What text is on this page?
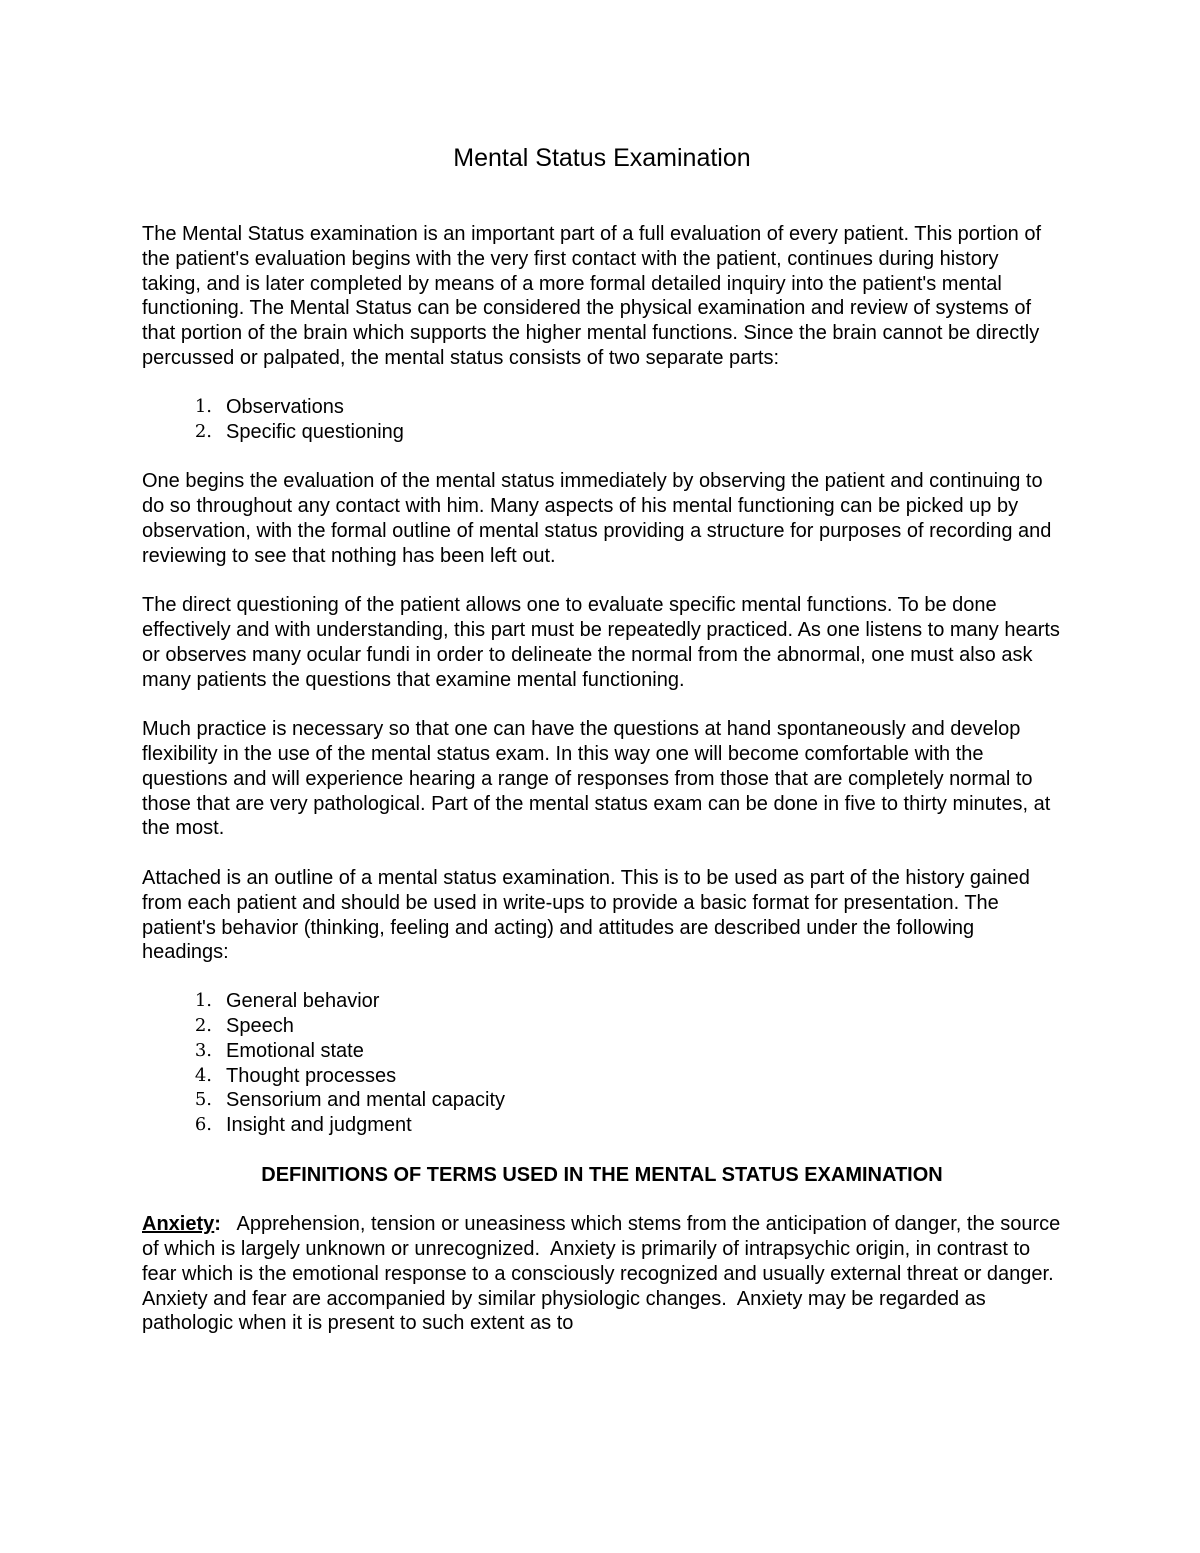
Mental Status Examination

The Mental Status examination is an important part of a full evaluation of every patient. This portion of the patient's evaluation begins with the very first contact with the patient, continues during history taking, and is later completed by means of a more formal detailed inquiry into the patient's mental functioning. The Mental Status can be considered the physical examination and review of systems of that portion of the brain which supports the higher mental functions. Since the brain cannot be directly percussed or palpated, the mental status consists of two separate parts:

1. Observations
2. Specific questioning

One begins the evaluation of the mental status immediately by observing the patient and continuing to do so throughout any contact with him. Many aspects of his mental functioning can be picked up by observation, with the formal outline of mental status providing a structure for purposes of recording and reviewing to see that nothing has been left out.

The direct questioning of the patient allows one to evaluate specific mental functions. To be done effectively and with understanding, this part must be repeatedly practiced. As one listens to many hearts or observes many ocular fundi in order to delineate the normal from the abnormal, one must also ask many patients the questions that examine mental functioning.

Much practice is necessary so that one can have the questions at hand spontaneously and develop flexibility in the use of the mental status exam. In this way one will become comfortable with the questions and will experience hearing a range of responses from those that are completely normal to those that are very pathological. Part of the mental status exam can be done in five to thirty minutes, at the most.

Attached is an outline of a mental status examination. This is to be used as part of the history gained from each patient and should be used in write-ups to provide a basic format for presentation. The patient's behavior (thinking, feeling and acting) and attitudes are described under the following headings:

1. General behavior
2. Speech
3. Emotional state
4. Thought processes
5. Sensorium and mental capacity
6. Insight and judgment
DEFINITIONS OF TERMS USED IN THE MENTAL STATUS EXAMINATION

Anxiety:   Apprehension, tension or uneasiness which stems from the anticipation of danger, the source of which is largely unknown or unrecognized.  Anxiety is primarily of intrapsychic origin, in contrast to fear which is the emotional response to a consciously recognized and usually external threat or danger.  Anxiety and fear are accompanied by similar physiologic changes.  Anxiety may be regarded as pathologic when it is present to such extent as to
